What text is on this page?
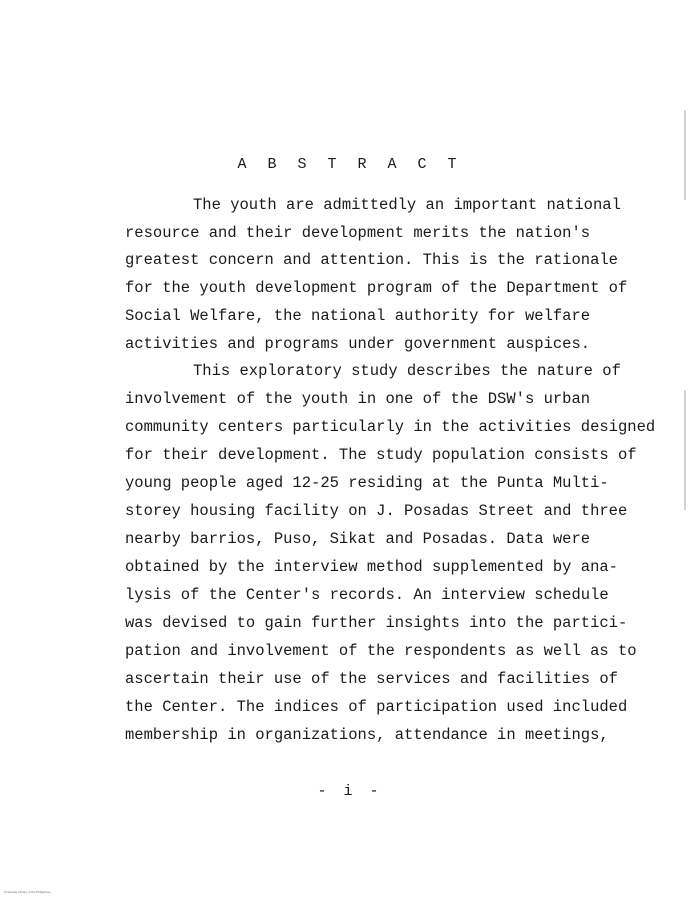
A B S T R A C T
The youth are admittedly an important national
resource and their development merits the nation's
greatest concern and attention. This is the rationale
for the youth development program of the Department of
Social Welfare, the national authority for welfare
activities and programs under government auspices.
This exploratory study describes the nature of
involvement of the youth in one of the DSW's urban
community centers particularly in the activities designed
for their development. The study population consists of
young people aged 12-25 residing at the Punta Multi-
storey housing facility on J. Posadas Street and three
nearby barrios, Puso, Sikat and Posadas. Data were
obtained by the interview method supplemented by ana-
lysis of the Center's records. An interview schedule
was devised to gain further insights into the partici-
pation and involvement of the respondents as well as to
ascertain their use of the services and facilities of
the Center. The indices of participation used included
membership in organizations, attendance in meetings,
- i -
University Library of the Philippines
